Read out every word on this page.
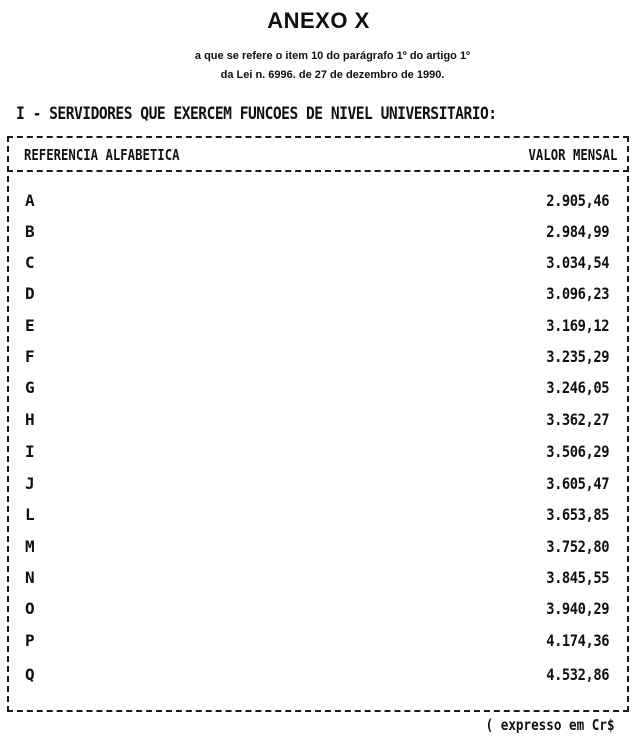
ANEXO X
a que se refere o item 10 do parágrafo 1º do artigo 1º
da Lei n. 6996. de 27 de dezembro de 1990.
I - SERVIDORES QUE EXERCEM FUNCOES DE NIVEL UNIVERSITARIO:
REFERENCIA ALFABETICA	VALOR MENSAL
A	2.905,46
B	2.984,99
C	3.034,54
D	3.096,23
E	3.169,12
F	3.235,29
G	3.246,05
H	3.362,27
I	3.506,29
J	3.605,47
L	3.653,85
M	3.752,80
N	3.845,55
O	3.940,29
P	4.174,36
Q	4.532,86
( expresso em Cr$
